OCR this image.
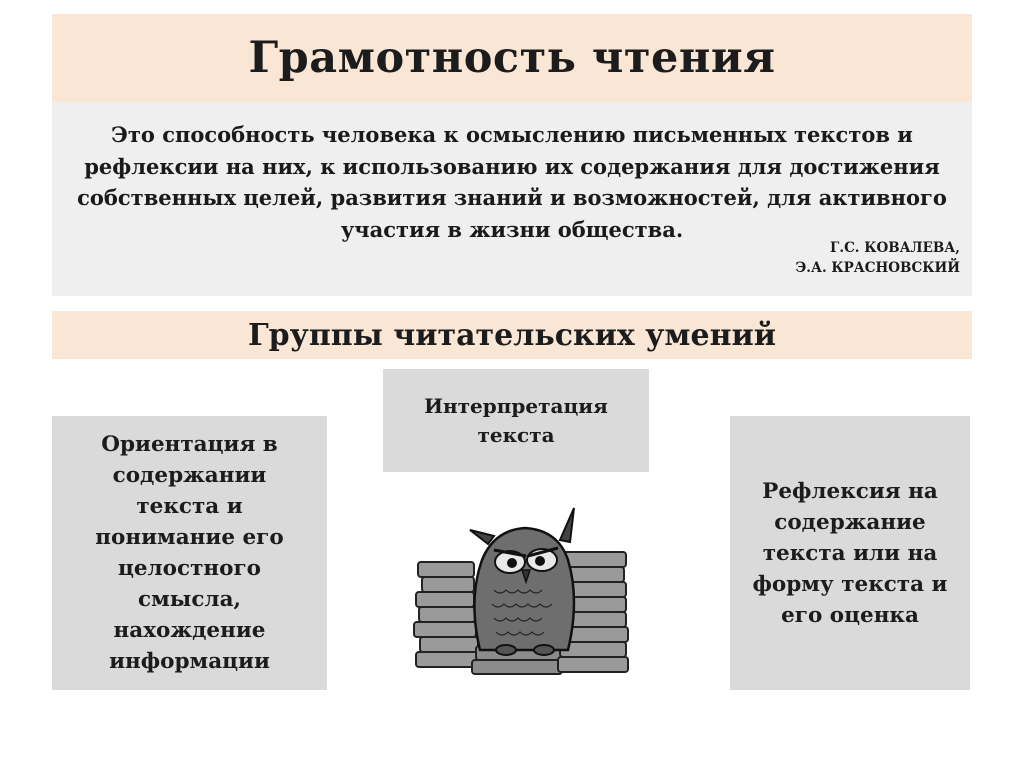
Грамотность чтения

Это способность человека к осмыслению письменных текстов и рефлексии на них, к использованию их содержания для достижения собственных целей, развития знаний и возможностей, для активного участия в жизни общества.

Г.С. КОВАЛЕВА,
Э.А. КРАСНОВСКИЙ
Группы читательских умений
Ориентация в содержании текста и понимание его целостного смысла, нахождение информации
Интерпретация текста
Рефлексия на содержание текста или на форму текста и его оценка
